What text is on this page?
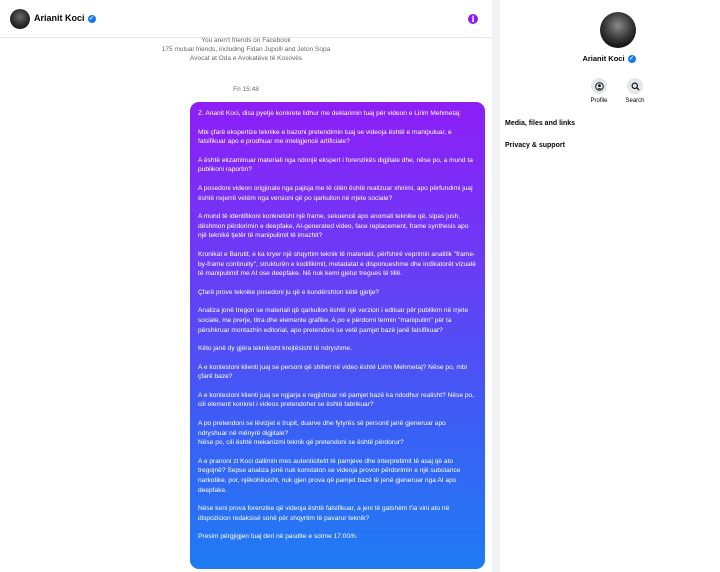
Arianit Koci ✓	i
You aren't friends on Facebook
175 mutual friends, including Fidan Jupolli and Jeton Sopa
Avocat at Oda e Avokatëve të Kosovës
Fri 15:48

Z. Arianit Koci, disa pyetje konkrete lidhur me deklarimin tuaj për videon e Lirim Mehmetaj:

Mbi çfarë ekspertize teknike e bazoni pretendimin tuaj se videoja është e manipuluar, e falsifikuar apo e prodhuar me inteligjencë artificiale?

A është ekzaminuar materiali nga ndonjë ekspert i forenzikës digjitale dhe, nëse po, a mund ta publikoni raportin?

A posedoni videon origjinale nga pajisja me të cilën është realizuar xhirimi, apo përfundimi juaj është nxjerrë vetëm nga versioni që po qarkullon në rrjete sociale?

A mund të identifikoni konkretisht një frame, sekuencë apo anomali teknike që, sipas jush, dëshmon përdorimin e deepfake, AI-generated video, face replacement, frame synthesis apo një teknikë tjetër të manipulimit të imazhit?

Kronikat e Barutit, e ka kryer një shqyrtim teknik të materialit, përfshirë veprimin analitik "frame-by-frame continuity", strukturën e kodifikimit, metadatat e disponueshme dhe indikatorët vizualë të manipulimit me AI ose deepfake. Në nuk kemi gjetur tregues të tillë.

Çfarë prove teknike posedoni ju që e kundërshton këtë gjetje?

Analiza jonë tregon se materiali që qarkullon është një verzion i edituar për publikim në rrjete sociale, me prerje, titra dhe elemente grafike. A po e përdorni termin "manipulim" për ta përshkruar montazhin editorial, apo pretendoni se vetë pamjet bazë janë falsifikuar?

Këto janë dy gjëra teknikisht krejtësisht të ndryshme.

A e kontestoni klienti juaj se personi që shihet në video është Lirim Mehmetaj? Nëse po, mbi çfarë baze?

A e kontestoni klienti juaj se ngjarja e regjistruar në pamjet bazë ka ndodhur realisht? Nëse po, cili element konkret i videos pretendohet se është fabrikuar?

A po pretendoni se lëvizjet e trupit, duarve dhe fytyrës së personit janë gjeneruar apo ndryshuar në mënyrë digjitale?
Nëse po, cili është mekanizmi teknik që pretendoni se është përdorur?

A e pranoni zt Koci dallimin mes autenticitetit të pamjeve dhe interpretimit të asaj që ato tregojnë? Sepse analiza jonë nuk konstaton se videoja provon përdorimin e një substance narkotike, por, njëkohësisht, nuk gjen prova që pamjet bazë të jenë gjeneruar nga AI apo deepfake.

Nëse keni prova forenzike që videoja është falsifikuar, a jeni të gatshëm t'ia vini ato në dispozicion redaksisë sonë për shqyrtim të pavarur teknik?

Presim përgjigjen tuaj deri në pasdite e sotme 17:00/h.

Arianit Koci ✓
Profile	Search
Media, files and links
Privacy & support
